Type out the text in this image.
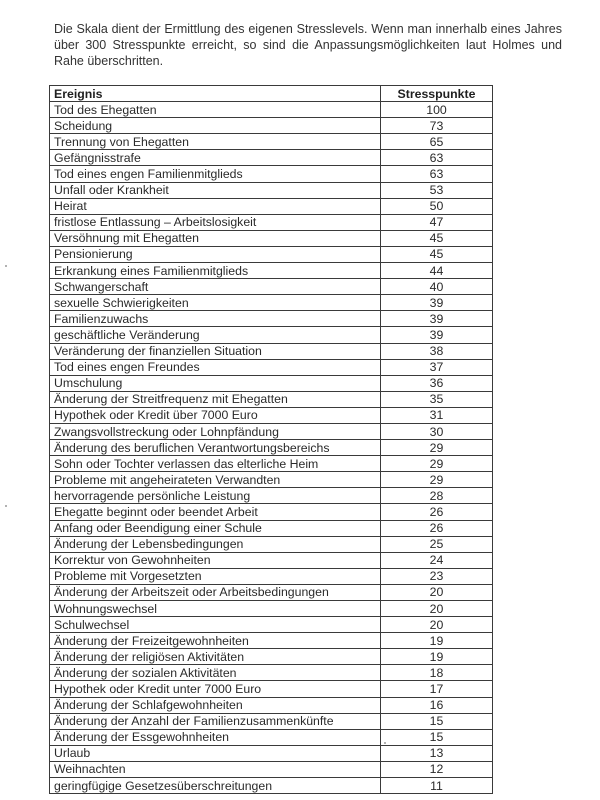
Die Skala dient der Ermittlung des eigenen Stresslevels. Wenn man innerhalb eines Jahres über 300 Stresspunkte erreicht, so sind die Anpassungsmöglichkeiten laut Holmes und Rahe überschritten.

Ereignis	Stresspunkte
Tod des Ehegatten	100
Scheidung	73
Trennung von Ehegatten	65
Gefängnisstrafe	63
Tod eines engen Familienmitglieds	63
Unfall oder Krankheit	53
Heirat	50
fristlose Entlassung – Arbeitslosigkeit	47
Versöhnung mit Ehegatten	45
Pensionierung	45
Erkrankung eines Familienmitglieds	44
Schwangerschaft	40
sexuelle Schwierigkeiten	39
Familienzuwachs	39
geschäftliche Veränderung	39
Veränderung der finanziellen Situation	38
Tod eines engen Freundes	37
Umschulung	36
Änderung der Streitfrequenz mit Ehegatten	35
Hypothek oder Kredit über 7000 Euro	31
Zwangsvollstreckung oder Lohnpfändung	30
Änderung des beruflichen Verantwortungsbereichs	29
Sohn oder Tochter verlassen das elterliche Heim	29
Probleme mit angeheirateten Verwandten	29
hervorragende persönliche Leistung	28
Ehegatte beginnt oder beendet Arbeit	26
Anfang oder Beendigung einer Schule	26
Änderung der Lebensbedingungen	25
Korrektur von Gewohnheiten	24
Probleme mit Vorgesetzten	23
Änderung der Arbeitszeit oder Arbeitsbedingungen	20
Wohnungswechsel	20
Schulwechsel	20
Änderung der Freizeitgewohnheiten	19
Änderung der religiösen Aktivitäten	19
Änderung der sozialen Aktivitäten	18
Hypothek oder Kredit unter 7000 Euro	17
Änderung der Schlafgewohnheiten	16
Änderung der Anzahl der Familienzusammenkünfte	15
Änderung der Essgewohnheiten	15
Urlaub	13
Weihnachten	12
geringfügige Gesetzesüberschreitungen	11
